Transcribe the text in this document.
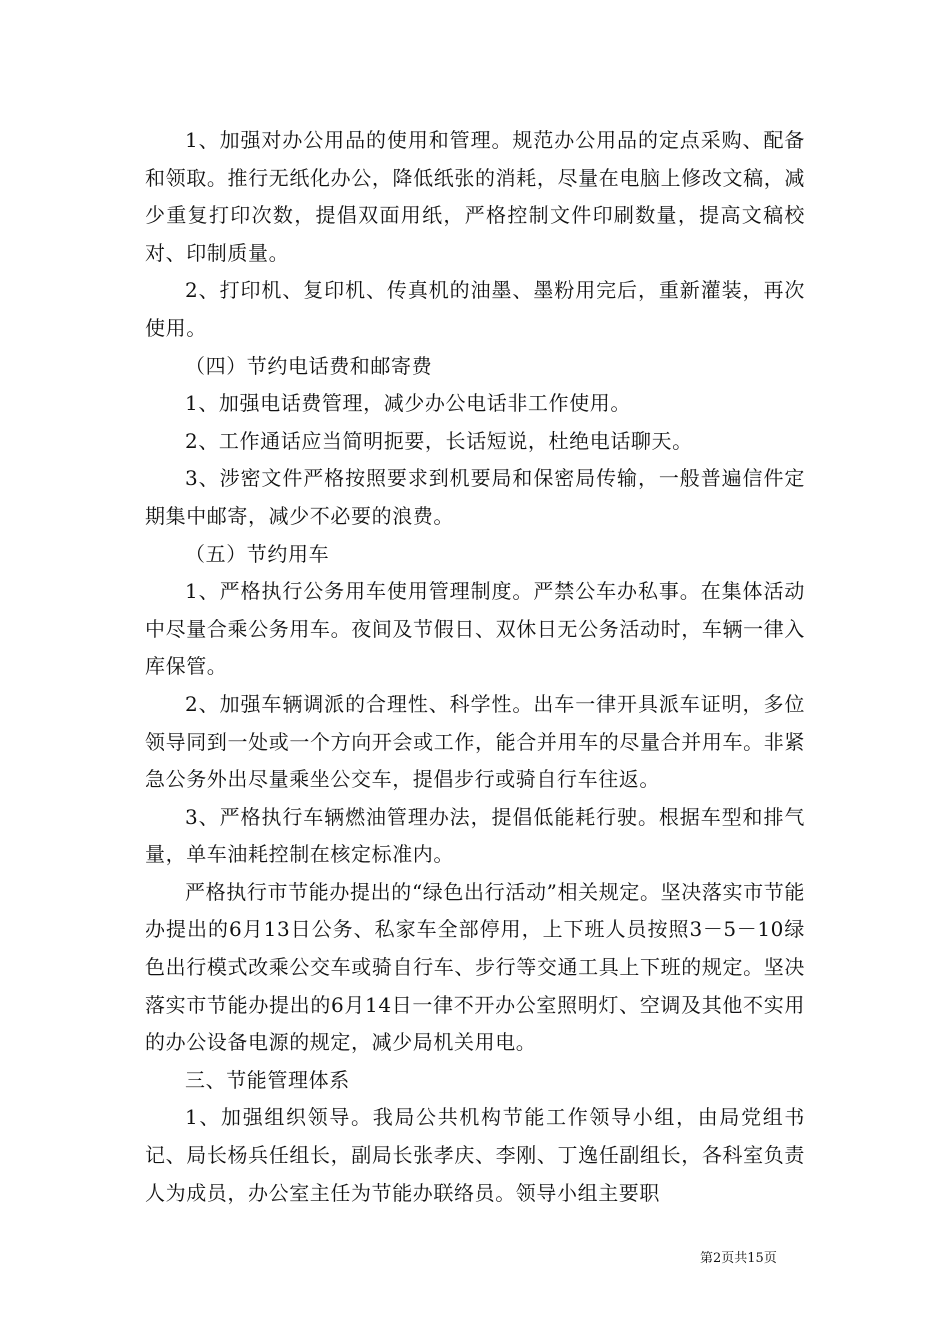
1、加强对办公用品的使用和管理。规范办公用品的定点采购、配备和领取。推行无纸化办公，降低纸张的消耗，尽量在电脑上修改文稿，减少重复打印次数，提倡双面用纸，严格控制文件印刷数量，提高文稿校对、印制质量。

2、打印机、复印机、传真机的油墨、墨粉用完后，重新灌装，再次使用。

（四）节约电话费和邮寄费

1、加强电话费管理，减少办公电话非工作使用。

2、工作通话应当简明扼要，长话短说，杜绝电话聊天。

3、涉密文件严格按照要求到机要局和保密局传输，一般普遍信件定期集中邮寄，减少不必要的浪费。

（五）节约用车

1、严格执行公务用车使用管理制度。严禁公车办私事。在集体活动中尽量合乘公务用车。夜间及节假日、双休日无公务活动时，车辆一律入库保管。

2、加强车辆调派的合理性、科学性。出车一律开具派车证明，多位领导同到一处或一个方向开会或工作，能合并用车的尽量合并用车。非紧急公务外出尽量乘坐公交车，提倡步行或骑自行车往返。

3、严格执行车辆燃油管理办法，提倡低能耗行驶。根据车型和排气量，单车油耗控制在核定标准内。

严格执行市节能办提出的“绿色出行活动”相关规定。坚决落实市节能办提出的6月13日公务、私家车全部停用，上下班人员按照3－5－10绿色出行模式改乘公交车或骑自行车、步行等交通工具上下班的规定。坚决落实市节能办提出的6月14日一律不开办公室照明灯、空调及其他不实用的办公设备电源的规定，减少局机关用电。

三、节能管理体系

1、加强组织领导。我局公共机构节能工作领导小组，由局党组书记、局长杨兵任组长，副局长张孝庆、李刚、丁逸任副组长，各科室负责人为成员，办公室主任为节能办联络员。领导小组主要职

第2页共15页
